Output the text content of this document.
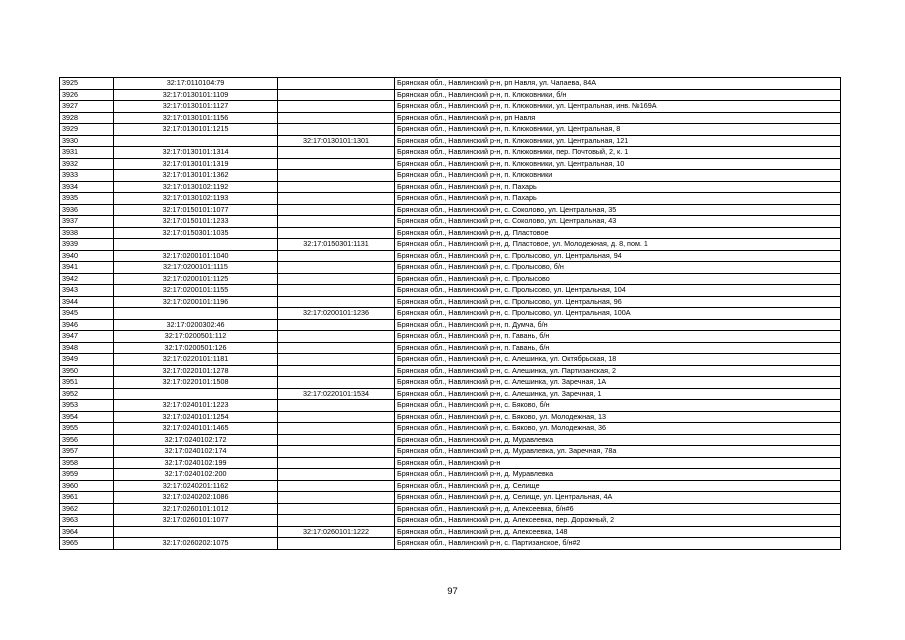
3925	32:17:0110104:79		Брянская обл., Навлинский р-н, рп Навля, ул. Чапаева, 84А
3926	32:17:0130101:1109		Брянская обл., Навлинский р-н, п. Клюковники, б/н
3927	32:17:0130101:1127		Брянская обл., Навлинский р-н, п. Клюковники, ул. Центральная, инв. №169А
3928	32:17:0130101:1156		Брянская обл., Навлинский р-н, рп Навля
3929	32:17:0130101:1215		Брянская обл., Навлинский р-н, п. Клюковники, ул. Центральная, 8
3930		32:17:0130101:1301	Брянская обл., Навлинский р-н, п. Клюковники, ул. Центральная, 121
3931	32:17:0130101:1314		Брянская обл., Навлинский р-н, п. Клюковники, пер. Почтовый, 2, к. 1
3932	32:17:0130101:1319		Брянская обл., Навлинский р-н, п. Клюковники, ул. Центральная, 10
3933	32:17:0130101:1362		Брянская обл., Навлинский р-н, п. Клюковники
3934	32:17:0130102:1192		Брянская обл., Навлинский р-н, п. Пахарь
3935	32:17:0130102:1193		Брянская обл., Навлинский р-н, п. Пахарь
3936	32:17:0150101:1077		Брянская обл., Навлинский р-н, с. Соколово, ул. Центральная, 35
3937	32:17:0150101:1233		Брянская обл., Навлинский р-н, с. Соколово, ул. Центральная, 43
3938	32:17:0150301:1035		Брянская обл., Навлинский р-н, д. Пластовое
3939		32:17:0150301:1131	Брянская обл., Навлинский р-н, д. Пластовое, ул. Молодежная, д. 8, пом. 1
3940	32:17:0200101:1040		Брянская обл., Навлинский р-н, с. Пролысово, ул. Центральная, 94
3941	32:17:0200101:1115		Брянская обл., Навлинский р-н, с. Пролысово, б/н
3942	32:17:0200101:1125		Брянская обл., Навлинский р-н, с. Пролысово
3943	32:17:0200101:1155		Брянская обл., Навлинский р-н, с. Пролысово, ул. Центральная, 104
3944	32:17:0200101:1196		Брянская обл., Навлинский р-н, с. Пролысово, ул. Центральная, 96
3945		32:17:0200101:1236	Брянская обл., Навлинский р-н, с. Пролысово, ул. Центральная, 100А
3946	32:17:0200302:46		Брянская обл., Навлинский р-н, п. Думча, б/н
3947	32:17:0200501:112		Брянская обл., Навлинский р-н, п. Гавань, б/н
3948	32:17:0200501:126		Брянская обл., Навлинский р-н, п. Гавань, б/н
3949	32:17:0220101:1181		Брянская обл., Навлинский р-н, с. Алешинка, ул. Октябрьская, 18
3950	32:17:0220101:1278		Брянская обл., Навлинский р-н, с. Алешинка, ул. Партизанская, 2
3951	32:17:0220101:1508		Брянская обл., Навлинский р-н, с. Алешинка, ул. Заречная, 1А
3952		32:17:0220101:1534	Брянская обл., Навлинский р-н, с. Алешинка, ул. Заречная, 1
3953	32:17:0240101:1223		Брянская обл., Навлинский р-н, с. Бяково, б/н
3954	32:17:0240101:1254		Брянская обл., Навлинский р-н, с. Бяково, ул. Молодежная, 13
3955	32:17:0240101:1465		Брянская обл., Навлинский р-н, с. Бяково, ул. Молодежная, 36
3956	32:17:0240102:172		Брянская обл., Навлинский р-н, д. Муравлевка
3957	32:17:0240102:174		Брянская обл., Навлинский р-н, д. Муравлевка, ул. Заречная, 78а
3958	32:17:0240102:199		Брянская обл., Навлинский р-н
3959	32:17:0240102:200		Брянская обл., Навлинский р-н, д. Муравлевка
3960	32:17:0240201:1162		Брянская обл., Навлинский р-н, д. Селище
3961	32:17:0240202:1086		Брянская обл., Навлинский р-н, д. Селище, ул. Центральная, 4А
3962	32:17:0260101:1012		Брянская обл., Навлинский р-н, д. Алексеевка, б/н#6
3963	32:17:0260101:1077		Брянская обл., Навлинский р-н, д. Алексеевка, пер. Дорожный, 2
3964		32:17:0260101:1222	Брянская обл., Навлинский р-н, д. Алексеевка, 148
3965	32:17:0260202:1075		Брянская обл., Навлинский р-н, с. Партизанское, б/н#2
97
